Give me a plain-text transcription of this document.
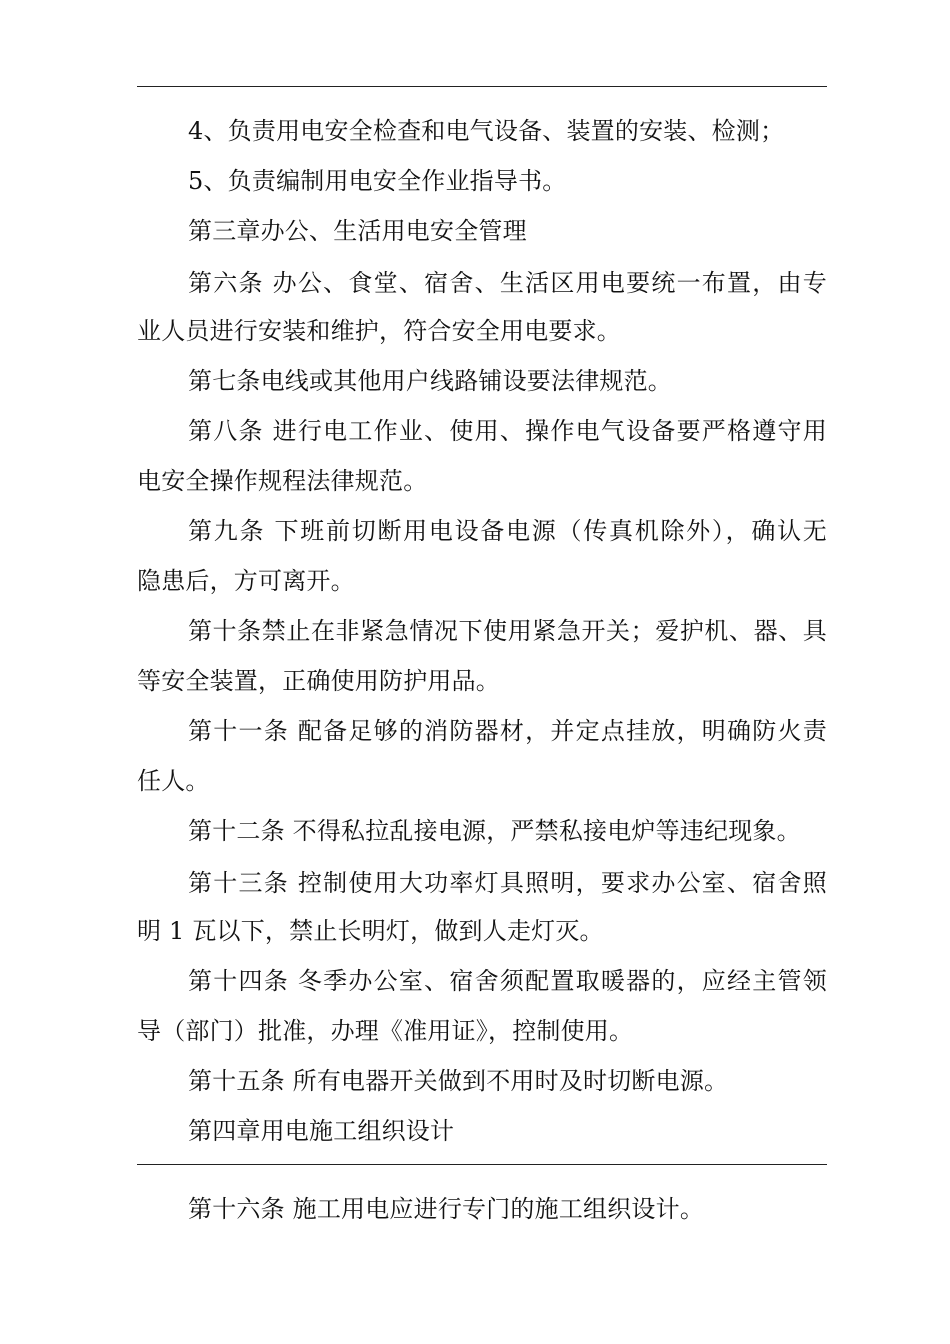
4、负责用电安全检查和电气设备、装置的安装、检测；
5、负责编制用电安全作业指导书。
第三章办公、生活用电安全管理
第六条 办公、食堂、宿舍、生活区用电要统一布置，由专
业人员进行安装和维护，符合安全用电要求。
第七条电线或其他用户线路铺设要法律规范。
第八条 进行电工作业、使用、操作电气设备要严格遵守用
电安全操作规程法律规范。
第九条 下班前切断用电设备电源（传真机除外），确认无
隐患后，方可离开。
第十条禁止在非紧急情况下使用紧急开关；爱护机、器、具
等安全装置，正确使用防护用品。
第十一条 配备足够的消防器材，并定点挂放，明确防火责
任人。
第十二条 不得私拉乱接电源，严禁私接电炉等违纪现象。
第十三条 控制使用大功率灯具照明，要求办公室、宿舍照
明 1 瓦以下，禁止长明灯，做到人走灯灭。
第十四条 冬季办公室、宿舍须配置取暖器的，应经主管领
导（部门）批准，办理《准用证》，控制使用。
第十五条 所有电器开关做到不用时及时切断电源。
第四章用电施工组织设计
第十六条 施工用电应进行专门的施工组织设计。
